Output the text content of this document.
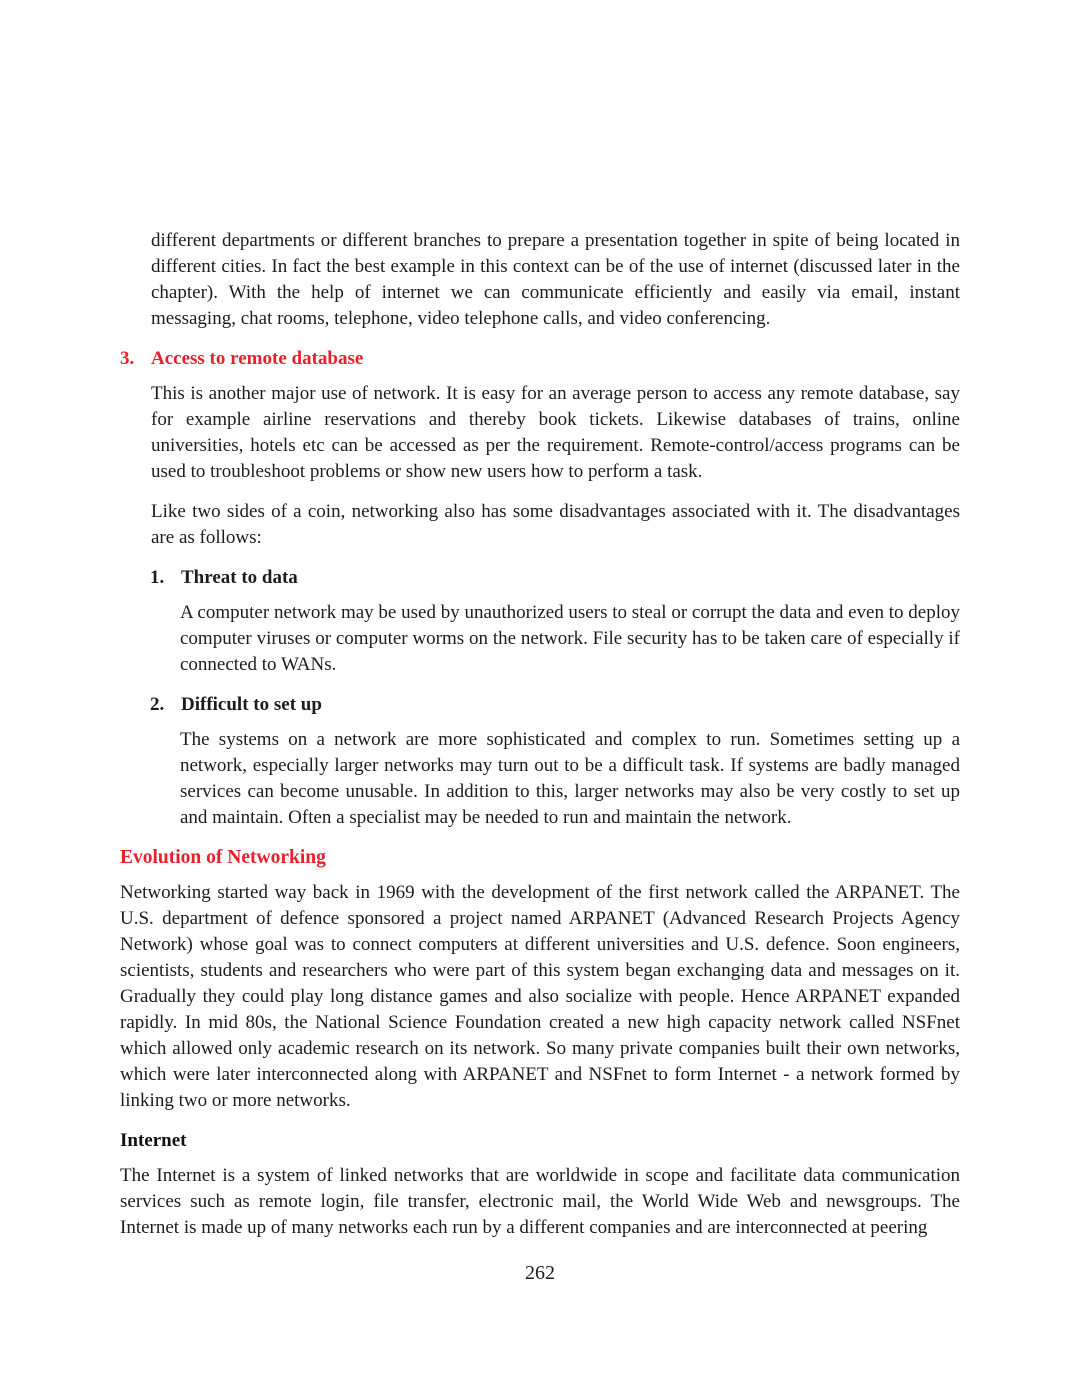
different departments or different branches to prepare a presentation together in spite of being located in different cities. In fact the best example in this context can be of the use of internet (discussed later in the chapter). With the help of internet we can communicate efficiently and easily via email, instant messaging, chat rooms, telephone, video telephone calls, and video conferencing.

3. Access to remote database

This is another major use of network. It is easy for an average person to access any remote database, say for example airline reservations and thereby book tickets. Likewise databases of trains, online universities, hotels etc can be accessed as per the requirement. Remote-control/access programs can be used to troubleshoot problems or show new users how to perform a task.

Like two sides of a coin, networking also has some disadvantages associated with it. The disadvantages are as follows:

1. Threat to data

A computer network may be used by unauthorized users to steal or corrupt the data and even to deploy computer viruses or computer worms on the network. File security has to be taken care of especially if connected to WANs.

2. Difficult to set up

The systems on a network are more sophisticated and complex to run. Sometimes setting up a network, especially larger networks may turn out to be a difficult task. If systems are badly managed services can become unusable. In addition to this, larger networks may also be very costly to set up and maintain. Often a specialist may be needed to run and maintain the network.

Evolution of Networking

Networking started way back in 1969 with the development of the first network called the ARPANET. The U.S. department of defence sponsored a project named ARPANET (Advanced Research Projects Agency Network) whose goal was to connect computers at different universities and U.S. defence. Soon engineers, scientists, students and researchers who were part of this system began exchanging data and messages on it. Gradually they could play long distance games and also socialize with people. Hence ARPANET expanded rapidly. In mid 80s, the National Science Foundation created a new high capacity network called NSFnet which allowed only academic research on its network. So many private companies built their own networks, which were later interconnected along with ARPANET and NSFnet to form Internet - a network formed by linking two or more networks.

Internet

The Internet is a system of linked networks that are worldwide in scope and facilitate data communication services such as remote login, file transfer, electronic mail, the World Wide Web and newsgroups. The Internet is made up of many networks each run by a different companies and are interconnected at peering

262
